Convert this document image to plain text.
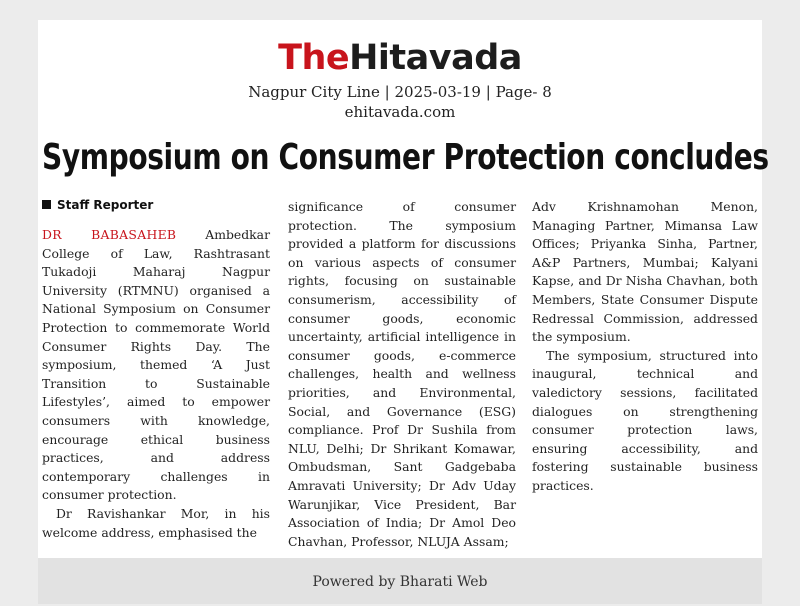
TheHitavada
Nagpur City Line | 2025-03-19 | Page- 8
ehitavada.com
Symposium on Consumer Protection concludes
Staff Reporter

DR BABASAHEB Ambedkar College of Law, Rashtrasant Tukadoji Maharaj Nagpur University (RTMNU) organised a National Symposium on Consumer Protection to commemorate World Consumer Rights Day. The symposium, themed ‘A Just Transition to Sustainable Lifestyles’, aimed to empower consumers with knowledge, encourage ethical business practices, and address contemporary challenges in consumer protection.

Dr Ravishankar Mor, in his welcome address, emphasised the

significance of consumer protection. The symposium provided a platform for discussions on various aspects of consumer rights, focusing on sustainable consumerism, accessibility of consumer goods, economic uncertainty, artificial intelligence in consumer goods, e-commerce challenges, health and wellness priorities, and Environmental, Social, and Governance (ESG) compliance. Prof Dr Sushila from NLU, Delhi; Dr Shrikant Komawar, Ombudsman, Sant Gadgebaba Amravati University; Dr Adv Uday Warunjikar, Vice President, Bar Association of India; Dr Amol Deo Chavhan, Professor, NLUJA Assam;

Adv Krishnamohan Menon, Managing Partner, Mimansa Law Offices; Priyanka Sinha, Partner, A&P Partners, Mumbai; Kalyani Kapse, and Dr Nisha Chavhan, both Members, State Consumer Dispute Redressal Commission, addressed the symposium.

The symposium, structured into inaugural, technical and valedictory sessions, facilitated dialogues on strengthening consumer protection laws, ensuring accessibility, and fostering sustainable business practices.

Powered by Bharati Web
